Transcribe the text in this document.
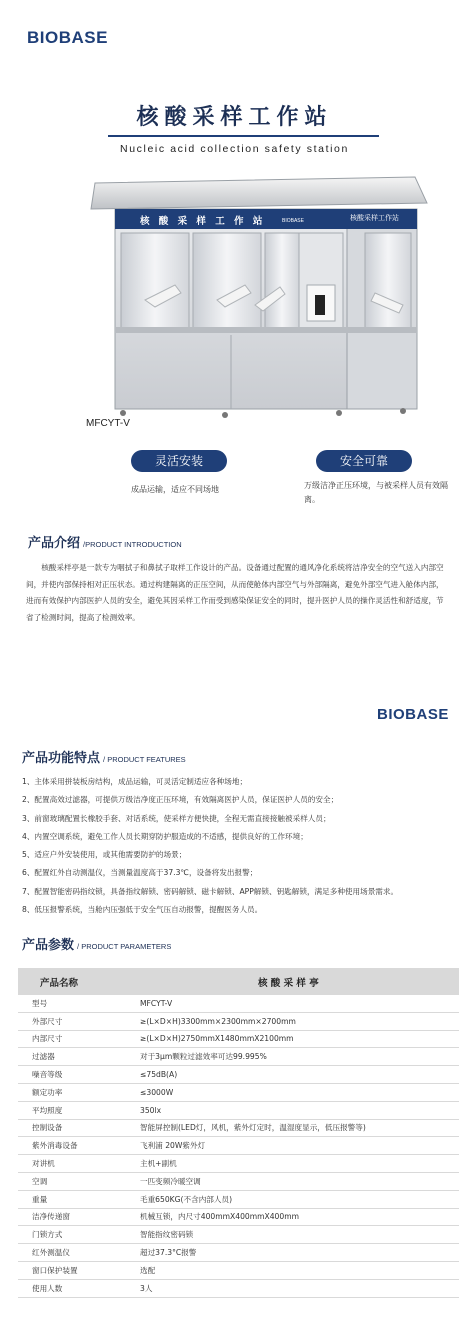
BIOBASE
核酸采样工作站
Nucleic acid collection safety station
核 酸 采 样 工 作 站	BIOBASE	核酸采样工作站
MFCYT-V
灵活安装
成品运输，适应不同场地
安全可靠
万级洁净正压环境，与被采样人员有效隔离。
产品介绍 /PRODUCT INTRODUCTION
核酸采样亭是一款专为咽拭子和鼻拭子取样工作设计的产品。设备通过配置的通风净化系统将洁净安全的空气送入内部空间，并使内部保持相对正压状态。通过构建隔离的正压空间，从而使舱体内部空气与外部隔离，避免外部空气进入舱体内部，进而有效保护内部医护人员的安全，避免其因采样工作而受到感染保证安全的同时，提升医护人员的操作灵活性和舒适度，节省了检测时间，提高了检测效率。
BIOBASE
产品功能特点 / PRODUCT FEATURES
1、主体采用拼装板房结构，成品运输，可灵活定制适应各种场地；
2、配置高效过滤器，可提供万级洁净度正压环境，有效隔离医护人员，保证医护人员的安全；
3、前窗玻璃配置长橡胶手套、对话系统，使采样方便快捷，全程无需直接接触被采样人员；
4、内置空调系统，避免工作人员长期穿防护服造成的不适感，提供良好的工作环境；
5、适应户外安装使用，或其他需要防护的场景；
6、配置红外自动测温仪，当测量温度高于37.3℃，设备将发出报警；
7、配置智能密码指纹锁，具备指纹解锁、密码解锁、磁卡解锁、APP解锁、钥匙解锁，满足多种使用场景需求。
8、低压报警系统，当舱内压强低于安全气压自动报警，提醒医务人员。
产品参数 / PRODUCT PARAMETERS
产品名称	核 酸 采 样 亭
型号	MFCYT-V
外部尺寸	≥(L×D×H)3300mm×2300mm×2700mm
内部尺寸	≥(L×D×H)2750mmX1480mmX2100mm
过滤器	对于3μm颗粒过滤效率可达99.995%
噪音等级	≤75dB(A)
额定功率	≤3000W
平均照度	350lx
控制设备	智能屏控制(LED灯，风机，紫外灯定时，温湿度显示，低压报警等)
紫外消毒设备	飞利浦 20W紫外灯
对讲机	主机+副机
空调	一匹变频冷暖空调
重量	毛重650KG(不含内部人员)
洁净传递窗	机械互锁，内尺寸400mmX400mmX400mm
门锁方式	智能指纹密码锁
红外测温仪	超过37.3°C报警
窗口保护装置	选配
使用人数	3人
